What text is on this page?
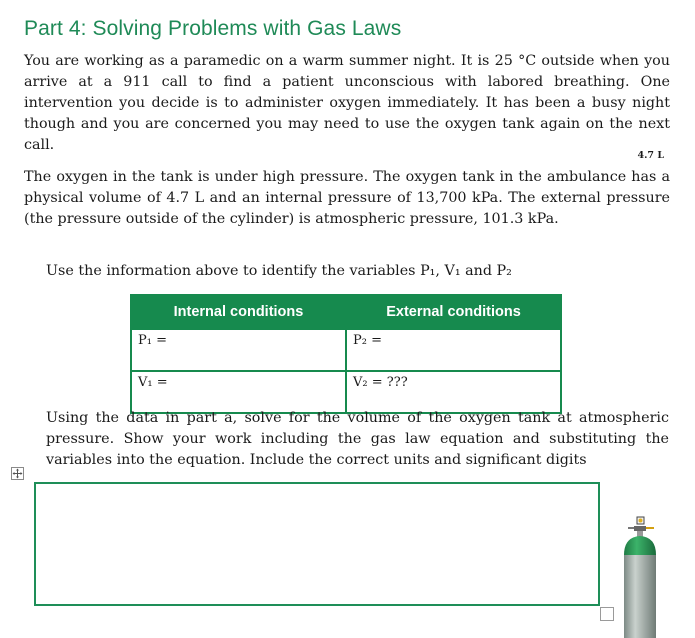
Part 4: Solving Problems with Gas Laws

You are working as a paramedic on a warm summer night. It is 25 °C outside when you arrive at a 911 call to find a patient unconscious with labored breathing. One intervention you decide is to administer oxygen immediately. It has been a busy night though and you are concerned you may need to use the oxygen tank again on the next call.

4.7 L

The oxygen in the tank is under high pressure. The oxygen tank in the ambulance has a physical volume of 4.7 L and an internal pressure of 13,700 kPa. The external pressure (the pressure outside of the cylinder) is atmospheric pressure, 101.3 kPa.

Use the information above to identify the variables P₁, V₁ and P₂

Internal conditions	External conditions
P₁ =	P₂ =
V₁ =	V₂ = ???

Using the data in part a, solve for the volume of the oxygen tank at atmospheric pressure. Show your work including the gas law equation and substituting the variables into the equation. Include the correct units and significant digits
